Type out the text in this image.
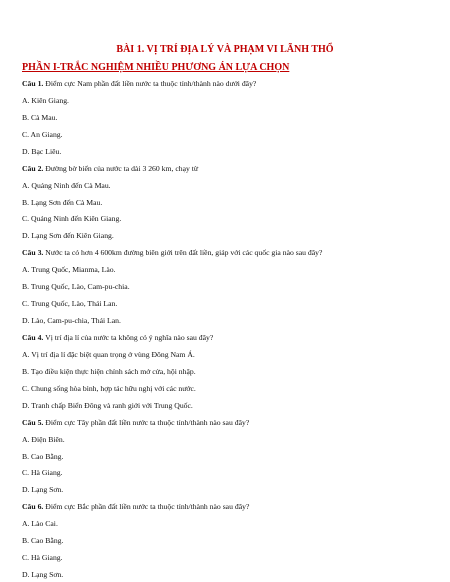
BÀI 1. VỊ TRÍ ĐỊA LÝ VÀ PHẠM VI LÃNH THỔ
PHẦN I-TRẮC NGHIỆM NHIỀU PHƯƠNG ÁN LỰA CHỌN
Câu 1. Điểm cực Nam phần đất liền nước ta thuộc tỉnh/thành nào dưới đây?
A. Kiên Giang.
B. Cà Mau.
C. An Giang.
D. Bạc Liêu.
Câu 2. Đường bờ biển của nước ta dài 3 260 km, chạy từ
A. Quảng Ninh đến Cà Mau.
B. Lạng Sơn đến Cà Mau.
C. Quảng Ninh đến Kiên Giang.
D. Lạng Sơn đến Kiên Giang.
Câu 3. Nước ta có hơn 4 600km đường biên giới trên đất liền, giáp với các quốc gia nào sau đây?
A. Trung Quốc, Mianma, Lào.
B. Trung Quốc, Lào, Cam-pu-chia.
C. Trung Quốc, Lào, Thái Lan.
D. Lào, Cam-pu-chia, Thái Lan.
Câu 4. Vị trí địa lí của nước ta không có ý nghĩa nào sau đây?
A. Vị trí địa lí đặc biệt quan trọng ở vùng Đông Nam Á.
B. Tạo điều kiện thực hiện chính sách mở cửa, hội nhập.
C. Chung sống hòa bình, hợp tác hữu nghị với các nước.
D. Tranh chấp Biển Đông và ranh giới với Trung Quốc.
Câu 5. Điểm cực Tây phần đất liền nước ta thuộc tỉnh/thành nào sau đây?
A. Điện Biên.
B. Cao Bằng.
C. Hà Giang.
D. Lạng Sơn.
Câu 6. Điểm cực Bắc phần đất liền nước ta thuộc tỉnh/thành nào sau đây?
A. Lào Cai.
B. Cao Bằng.
C. Hà Giang.
D. Lạng Sơn.
